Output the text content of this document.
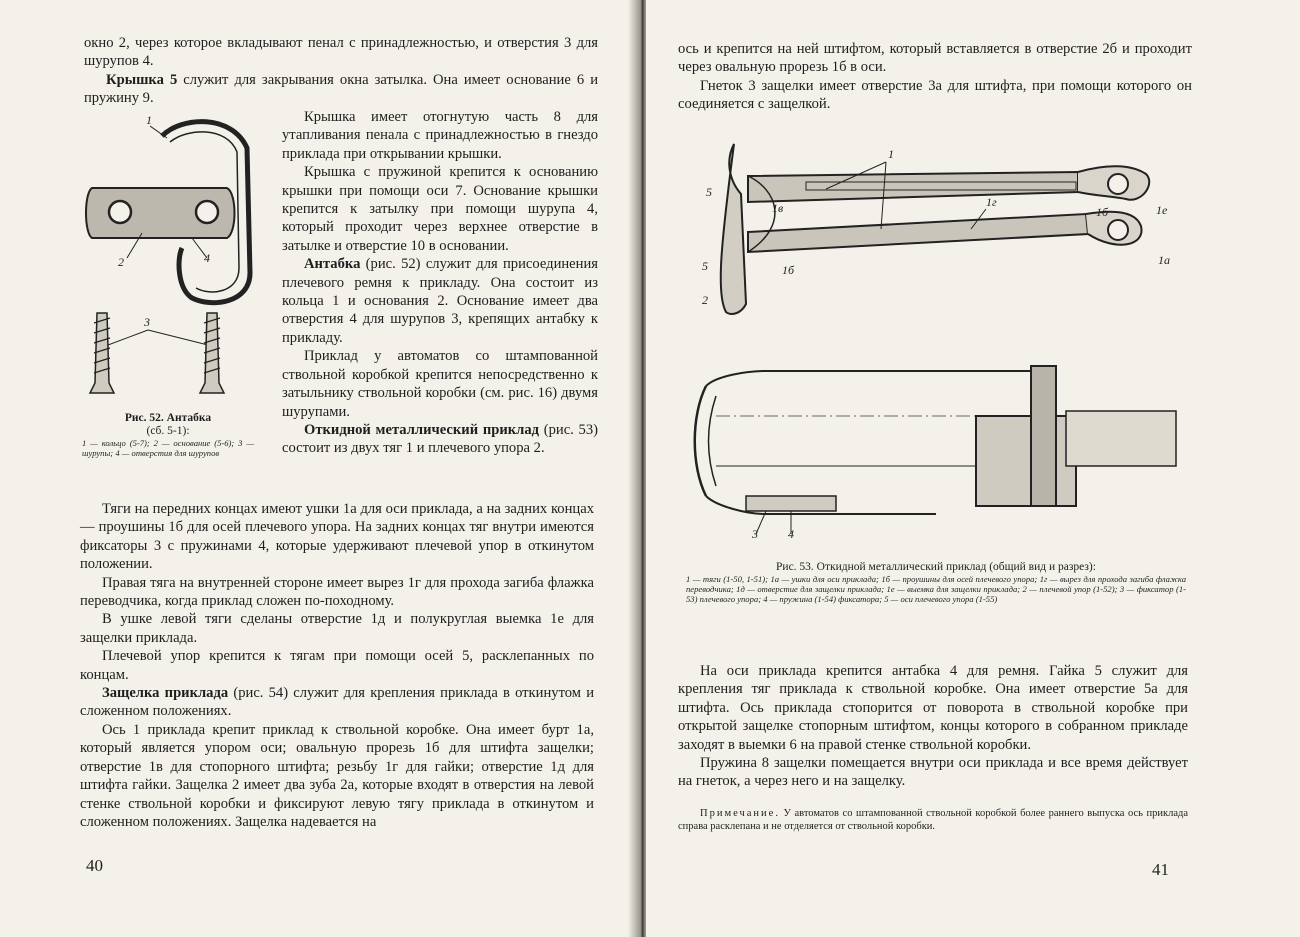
окно 2, через которое вкладывают пенал с принадлежностью, и отверстия 3 для шурупов 4.

Крышка 5 служит для закрывания окна затылка. Она имеет основание 6 и пружину 9.

1
2	4
3
Рис. 52. Антабка
(сб. 5-1):
1 — кольцо (5-7); 2 — основание (5-6); 3 — шурупы; 4 — отверстия для шурупов

Крышка имеет отогнутую часть 8 для утапливания пенала с принадлежностью в гнездо приклада при открывании крышки.

Крышка с пружиной крепится к основанию крышки при помощи оси 7. Основание крышки крепится к затылку при помощи шурупа 4, который проходит через верхнее отверстие в затылке и отверстие 10 в основании.

Антабка (рис. 52) служит для присоединения плечевого ремня к прикладу. Она состоит из кольца 1 и основания 2. Основание имеет два отверстия 4 для шурупов 3, крепящих антабку к прикладу.

Приклад у автоматов со штампованной ствольной коробкой крепится непосредственно к затыльнику ствольной коробки (см. рис. 16) двумя шурупами.

Откидной металлический приклад (рис. 53) состоит из двух тяг 1 и плечевого упора 2.

Тяги на передних концах имеют ушки 1а для оси приклада, а на задних концах — проушины 1б для осей плечевого упора. На задних концах тяг внутри имеются фиксаторы 3 с пружинами 4, которые удерживают плечевой упор в откинутом положении.

Правая тяга на внутренней стороне имеет вырез 1г для прохода загиба флажка переводчика, когда приклад сложен по-походному.

В ушке левой тяги сделаны отверстие 1д и полукруглая выемка 1е для защелки приклада.

Плечевой упор крепится к тягам при помощи осей 5, расклепанных по концам.

Защелка приклада (рис. 54) служит для крепления приклада в откинутом и сложенном положениях.

Ось 1 приклада крепит приклад к ствольной коробке. Она имеет бурт 1а, который является упором оси; овальную прорезь 1б для штифта защелки; отверстие 1в для стопорного штифта; резьбу 1г для гайки; отверстие 1д для штифта гайки. Защелка 2 имеет два зуба 2а, которые входят в отверстия на левой стенке ствольной коробки и фиксируют левую тягу приклада в откинутом и сложенном положениях. Защелка надевается на

40

ось и крепится на ней штифтом, который вставляется в отверстие 2б и проходит через овальную прорезь 1б в оси.

Гнеток 3 защелки имеет отверстие 3а для штифта, при помощи которого он соединяется с защелкой.

1
5
1в	1г
1б	1е
1а
5	1б
2
3	4
Рис. 53. Откидной металлический приклад (общий вид и разрез):
1 — тяги (1-50, 1-51); 1а — ушки для оси приклада; 1б — проушины для осей плечевого упора; 1г — вырез для прохода загиба флажка переводчика; 1д — отверстие для защелки приклада; 1е — выемка для защелки приклада; 2 — плечевой упор (1-52); 3 — фиксатор (1-53) плечевого упора; 4 — пружина (1-54) фиксатора; 5 — оси плечевого упора (1-55)

На оси приклада крепится антабка 4 для ремня. Гайка 5 служит для крепления тяг приклада к ствольной коробке. Она имеет отверстие 5а для штифта. Ось приклада стопорится от поворота в ствольной коробке при открытой защелке стопорным штифтом, концы которого в собранном прикладе заходят в выемки 6 на правой стенке ствольной коробки.

Пружина 8 защелки помещается внутри оси приклада и все время действует на гнеток, а через него и на защелку.

Примечание. У автоматов со штампованной ствольной коробкой более раннего выпуска ось приклада справа расклепана и не отделяется от ствольной коробки.

41
